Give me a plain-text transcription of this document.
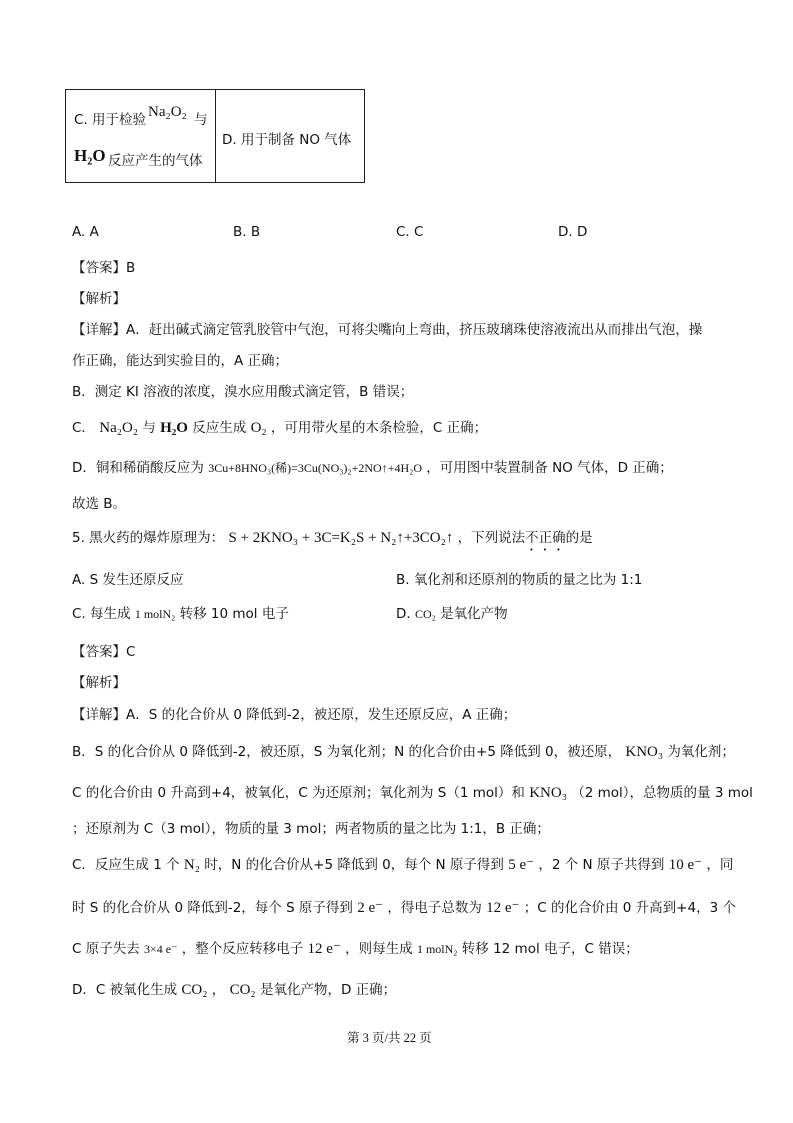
C. 用于检验 Na₂O₂ 与
H₂O 反应产生的气体

D. 用于制备 NO 气体
A. A	B. B	C. C	D. D
【答案】B
【解析】
【详解】A．赶出碱式滴定管乳胶管中气泡，可将尖嘴向上弯曲，挤压玻璃珠使溶液流出从而排出气泡，操
作正确，能达到实验目的，A 正确；
B．测定 KI 溶液的浓度，溴水应用酸式滴定管，B 错误；
C． Na₂O₂ 与 H₂O 反应生成 O₂ ，可用带火星的木条检验，C 正确；
D．铜和稀硝酸反应为 3Cu+8HNO₃(稀)=3Cu(NO₃)₂+2NO↑+4H₂O ，可用图中装置制备 NO 气体，D 正确；
故选 B。
5. 黑火药的爆炸原理为： S + 2KNO₃ + 3C=K₂S + N₂↑+3CO₂↑ ，下列说法不正确的是
A. S 发生还原反应	B. 氧化剂和还原剂的物质的量之比为 1:1
C. 每生成 1 molN₂ 转移 10 mol 电子	D. CO₂ 是氧化产物
【答案】C
【解析】
【详解】A．S 的化合价从 0 降低到-2，被还原，发生还原反应，A 正确；
B．S 的化合价从 0 降低到-2，被还原，S 为氧化剂；N 的化合价由+5 降低到 0，被还原， KNO₃ 为氧化剂；
C 的化合价由 0 升高到+4，被氧化，C 为还原剂；氧化剂为 S（1 mol）和 KNO₃ （2 mol），总物质的量 3 mol
；还原剂为 C（3 mol），物质的量 3 mol；两者物质的量之比为 1:1，B 正确；
C．反应生成 1 个 N₂ 时，N 的化合价从+5 降低到 0，每个 N 原子得到 5 e⁻ ，2 个 N 原子共得到 10 e⁻ ，同
时 S 的化合价从 0 降低到-2，每个 S 原子得到 2 e⁻ ，得电子总数为 12 e⁻ ；C 的化合价由 0 升高到+4，3 个
C 原子失去 3×4 e⁻ ，整个反应转移电子 12 e⁻ ，则每生成 1 molN₂ 转移 12 mol 电子，C 错误；
D．C 被氧化生成 CO₂ ， CO₂ 是氧化产物，D 正确；
第 3 页/共 22 页
